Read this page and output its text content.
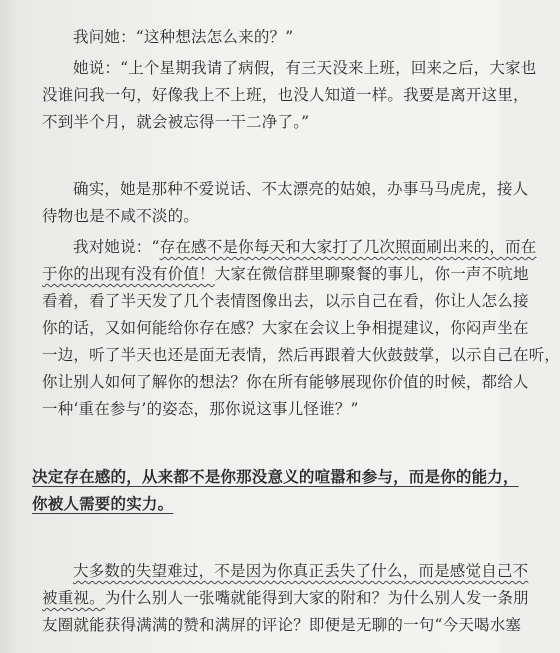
我问她：“这种想法怎么来的？”
她说：“上个星期我请了病假，有三天没来上班，回来之后，大家也
没谁问我一句，好像我上不上班，也没人知道一样。我要是离开这里，
不到半个月，就会被忘得一干二净了。”
确实，她是那种不爱说话、不太漂亮的姑娘，办事马马虎虎，接人
待物也是不咸不淡的。
我对她说：“存在感不是你每天和大家打了几次照面刷出来的，而在
于你的出现有没有价值！大家在微信群里聊聚餐的事儿，你一声不吭地
看着，看了半天发了几个表情图像出去，以示自己在看，你让人怎么接
你的话，又如何能给你存在感？大家在会议上争相提建议，你闷声坐在
一边，听了半天也还是面无表情，然后再跟着大伙鼓鼓掌，以示自己在听，
你让别人如何了解你的想法？你在所有能够展现你价值的时候，都给人
一种‘重在参与’的姿态，那你说这事儿怪谁？”
决定存在感的，从来都不是你那没意义的喧嚣和参与，而是你的能力，
你被人需要的实力。
大多数的失望难过，不是因为你真正丢失了什么，而是感觉自己不
被重视。为什么别人一张嘴就能得到大家的附和？为什么别人发一条朋
友圈就能获得满满的赞和满屏的评论？即便是无聊的一句“今天喝水塞
